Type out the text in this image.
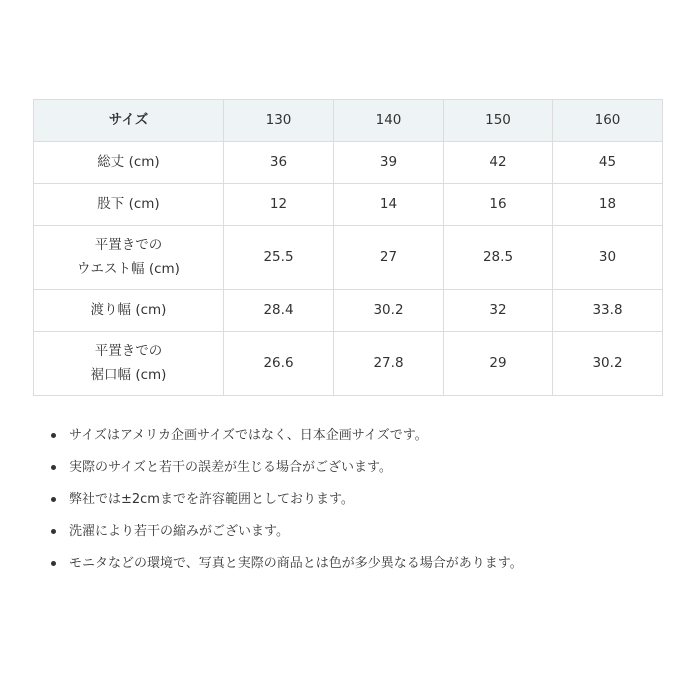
サイズ	130	140	150	160
総丈 (cm)	36	39	42	45
股下 (cm)	12	14	16	18
平置きでの
ウエスト幅 (cm)	25.5	27	28.5	30
渡り幅 (cm)	28.4	30.2	32	33.8
平置きでの
裾口幅 (cm)	26.6	27.8	29	30.2
サイズはアメリカ企画サイズではなく、日本企画サイズです。
実際のサイズと若干の誤差が生じる場合がございます。
弊社では±2cmまでを許容範囲としております。
洗濯により若干の縮みがございます。
モニタなどの環境で、写真と実際の商品とは色が多少異なる場合があります。
